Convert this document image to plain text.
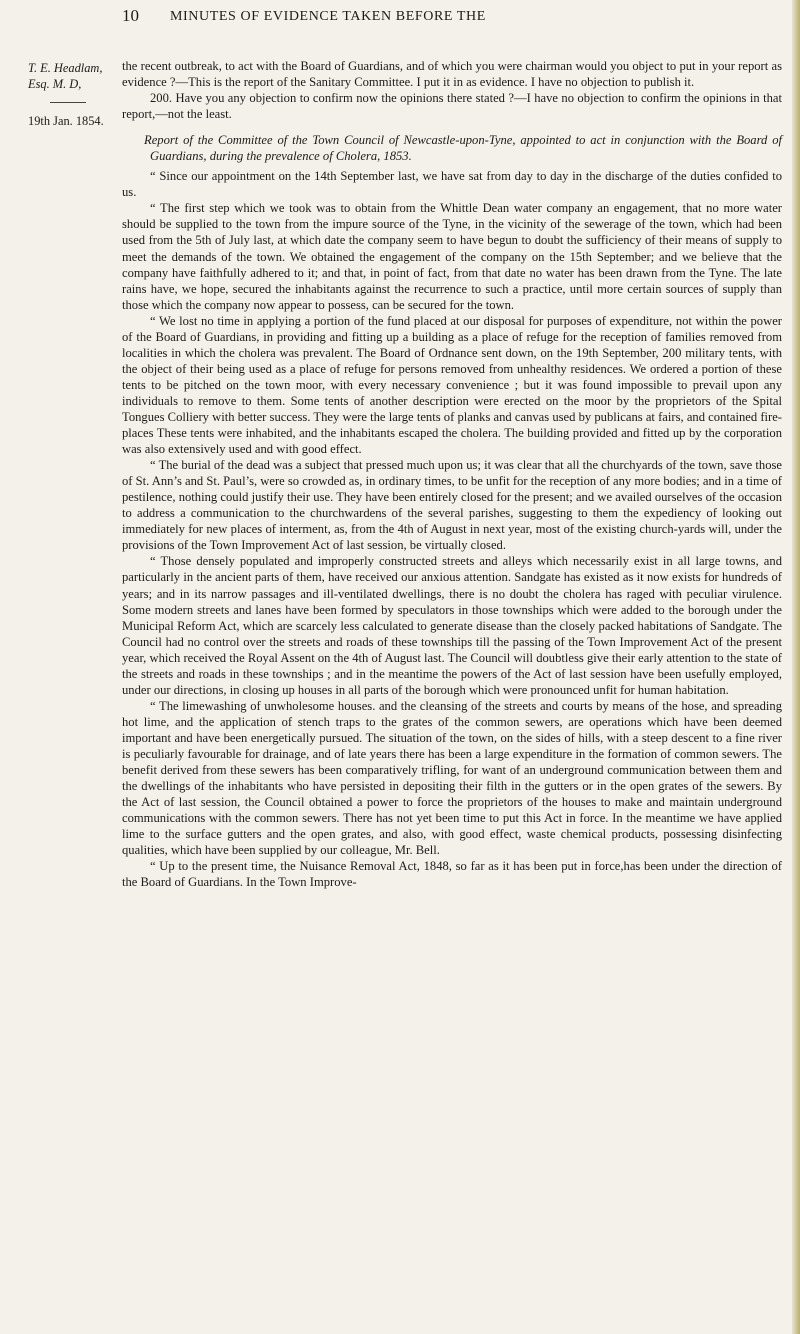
10 MINUTES OF EVIDENCE TAKEN BEFORE THE
T. E. Headlam, Esq. M. D,
19th Jan. 1854.

the recent outbreak, to act with the Board of Guardians, and of which you were chairman would you object to put in your report as evidence ?—This is the report of the Sanitary Committee. I put it in as evidence. I have no objection to publish it.

200. Have you any objection to confirm now the opinions there stated ?—I have no objection to confirm the opinions in that report,—not the least.

Report of the Committee of the Town Council of Newcastle-upon-Tyne, appointed to act in conjunction with the Board of Guardians, during the prevalence of Cholera, 1853.

“ Since our appointment on the 14th September last, we have sat from day to day in the discharge of the duties confided to us.

“ The first step which we took was to obtain from the Whittle Dean water company an engagement, that no more water should be supplied to the town from the impure source of the Tyne, in the vicinity of the sewerage of the town, which had been used from the 5th of July last, at which date the company seem to have begun to doubt the sufficiency of their means of supply to meet the demands of the town. We obtained the engagement of the company on the 15th September; and we believe that the company have faithfully adhered to it; and that, in point of fact, from that date no water has been drawn from the Tyne. The late rains have, we hope, secured the inhabitants against the recurrence to such a practice, until more certain sources of supply than those which the company now appear to possess, can be secured for the town.

“ We lost no time in applying a portion of the fund placed at our disposal for purposes of expenditure, not within the power of the Board of Guardians, in providing and fitting up a building as a place of refuge for the reception of families removed from localities in which the cholera was prevalent. The Board of Ordnance sent down, on the 19th September, 200 military tents, with the object of their being used as a place of refuge for persons removed from unhealthy residences. We ordered a portion of these tents to be pitched on the town moor, with every necessary convenience ; but it was found impossible to prevail upon any individuals to remove to them. Some tents of another description were erected on the moor by the proprietors of the Spital Tongues Colliery with better success. They were the large tents of planks and canvas used by publicans at fairs, and contained fire-places These tents were inhabited, and the inhabitants escaped the cholera. The building provided and fitted up by the corporation was also extensively used and with good effect.

“ The burial of the dead was a subject that pressed much upon us; it was clear that all the churchyards of the town, save those of St. Ann’s and St. Paul’s, were so crowded as, in ordinary times, to be unfit for the reception of any more bodies; and in a time of pestilence, nothing could justify their use. They have been entirely closed for the present; and we availed ourselves of the occasion to address a communication to the churchwardens of the several parishes, suggesting to them the expediency of looking out immediately for new places of interment, as, from the 4th of August in next year, most of the existing church-yards will, under the provisions of the Town Improvement Act of last session, be virtually closed.

“ Those densely populated and improperly constructed streets and alleys which necessarily exist in all large towns, and particularly in the ancient parts of them, have received our anxious attention. Sandgate has existed as it now exists for hundreds of years; and in its narrow passages and ill-ventilated dwellings, there is no doubt the cholera has raged with peculiar virulence. Some modern streets and lanes have been formed by speculators in those townships which were added to the borough under the Municipal Reform Act, which are scarcely less calculated to generate disease than the closely packed habitations of Sandgate. The Council had no control over the streets and roads of these townships till the passing of the Town Improvement Act of the present year, which received the Royal Assent on the 4th of August last. The Council will doubtless give their early attention to the state of the streets and roads in these townships ; and in the meantime the powers of the Act of last session have been usefully employed, under our directions, in closing up houses in all parts of the borough which were pronounced unfit for human habitation.

“ The limewashing of unwholesome houses. and the cleansing of the streets and courts by means of the hose, and spreading hot lime, and the application of stench traps to the grates of the common sewers, are operations which have been deemed important and have been energetically pursued. The situation of the town, on the sides of hills, with a steep descent to a fine river is peculiarly favourable for drainage, and of late years there has been a large expenditure in the formation of common sewers. The benefit derived from these sewers has been comparatively trifling, for want of an underground communication between them and the dwellings of the inhabitants who have persisted in depositing their filth in the gutters or in the open grates of the sewers. By the Act of last session, the Council obtained a power to force the proprietors of the houses to make and maintain underground communications with the common sewers. There has not yet been time to put this Act in force. In the meantime we have applied lime to the surface gutters and the open grates, and also, with good effect, waste chemical products, possessing disinfecting qualities, which have been supplied by our colleague, Mr. Bell.

“ Up to the present time, the Nuisance Removal Act, 1848, so far as it has been put in force,has been under the direction of the Board of Guardians. In the Town Improve-
